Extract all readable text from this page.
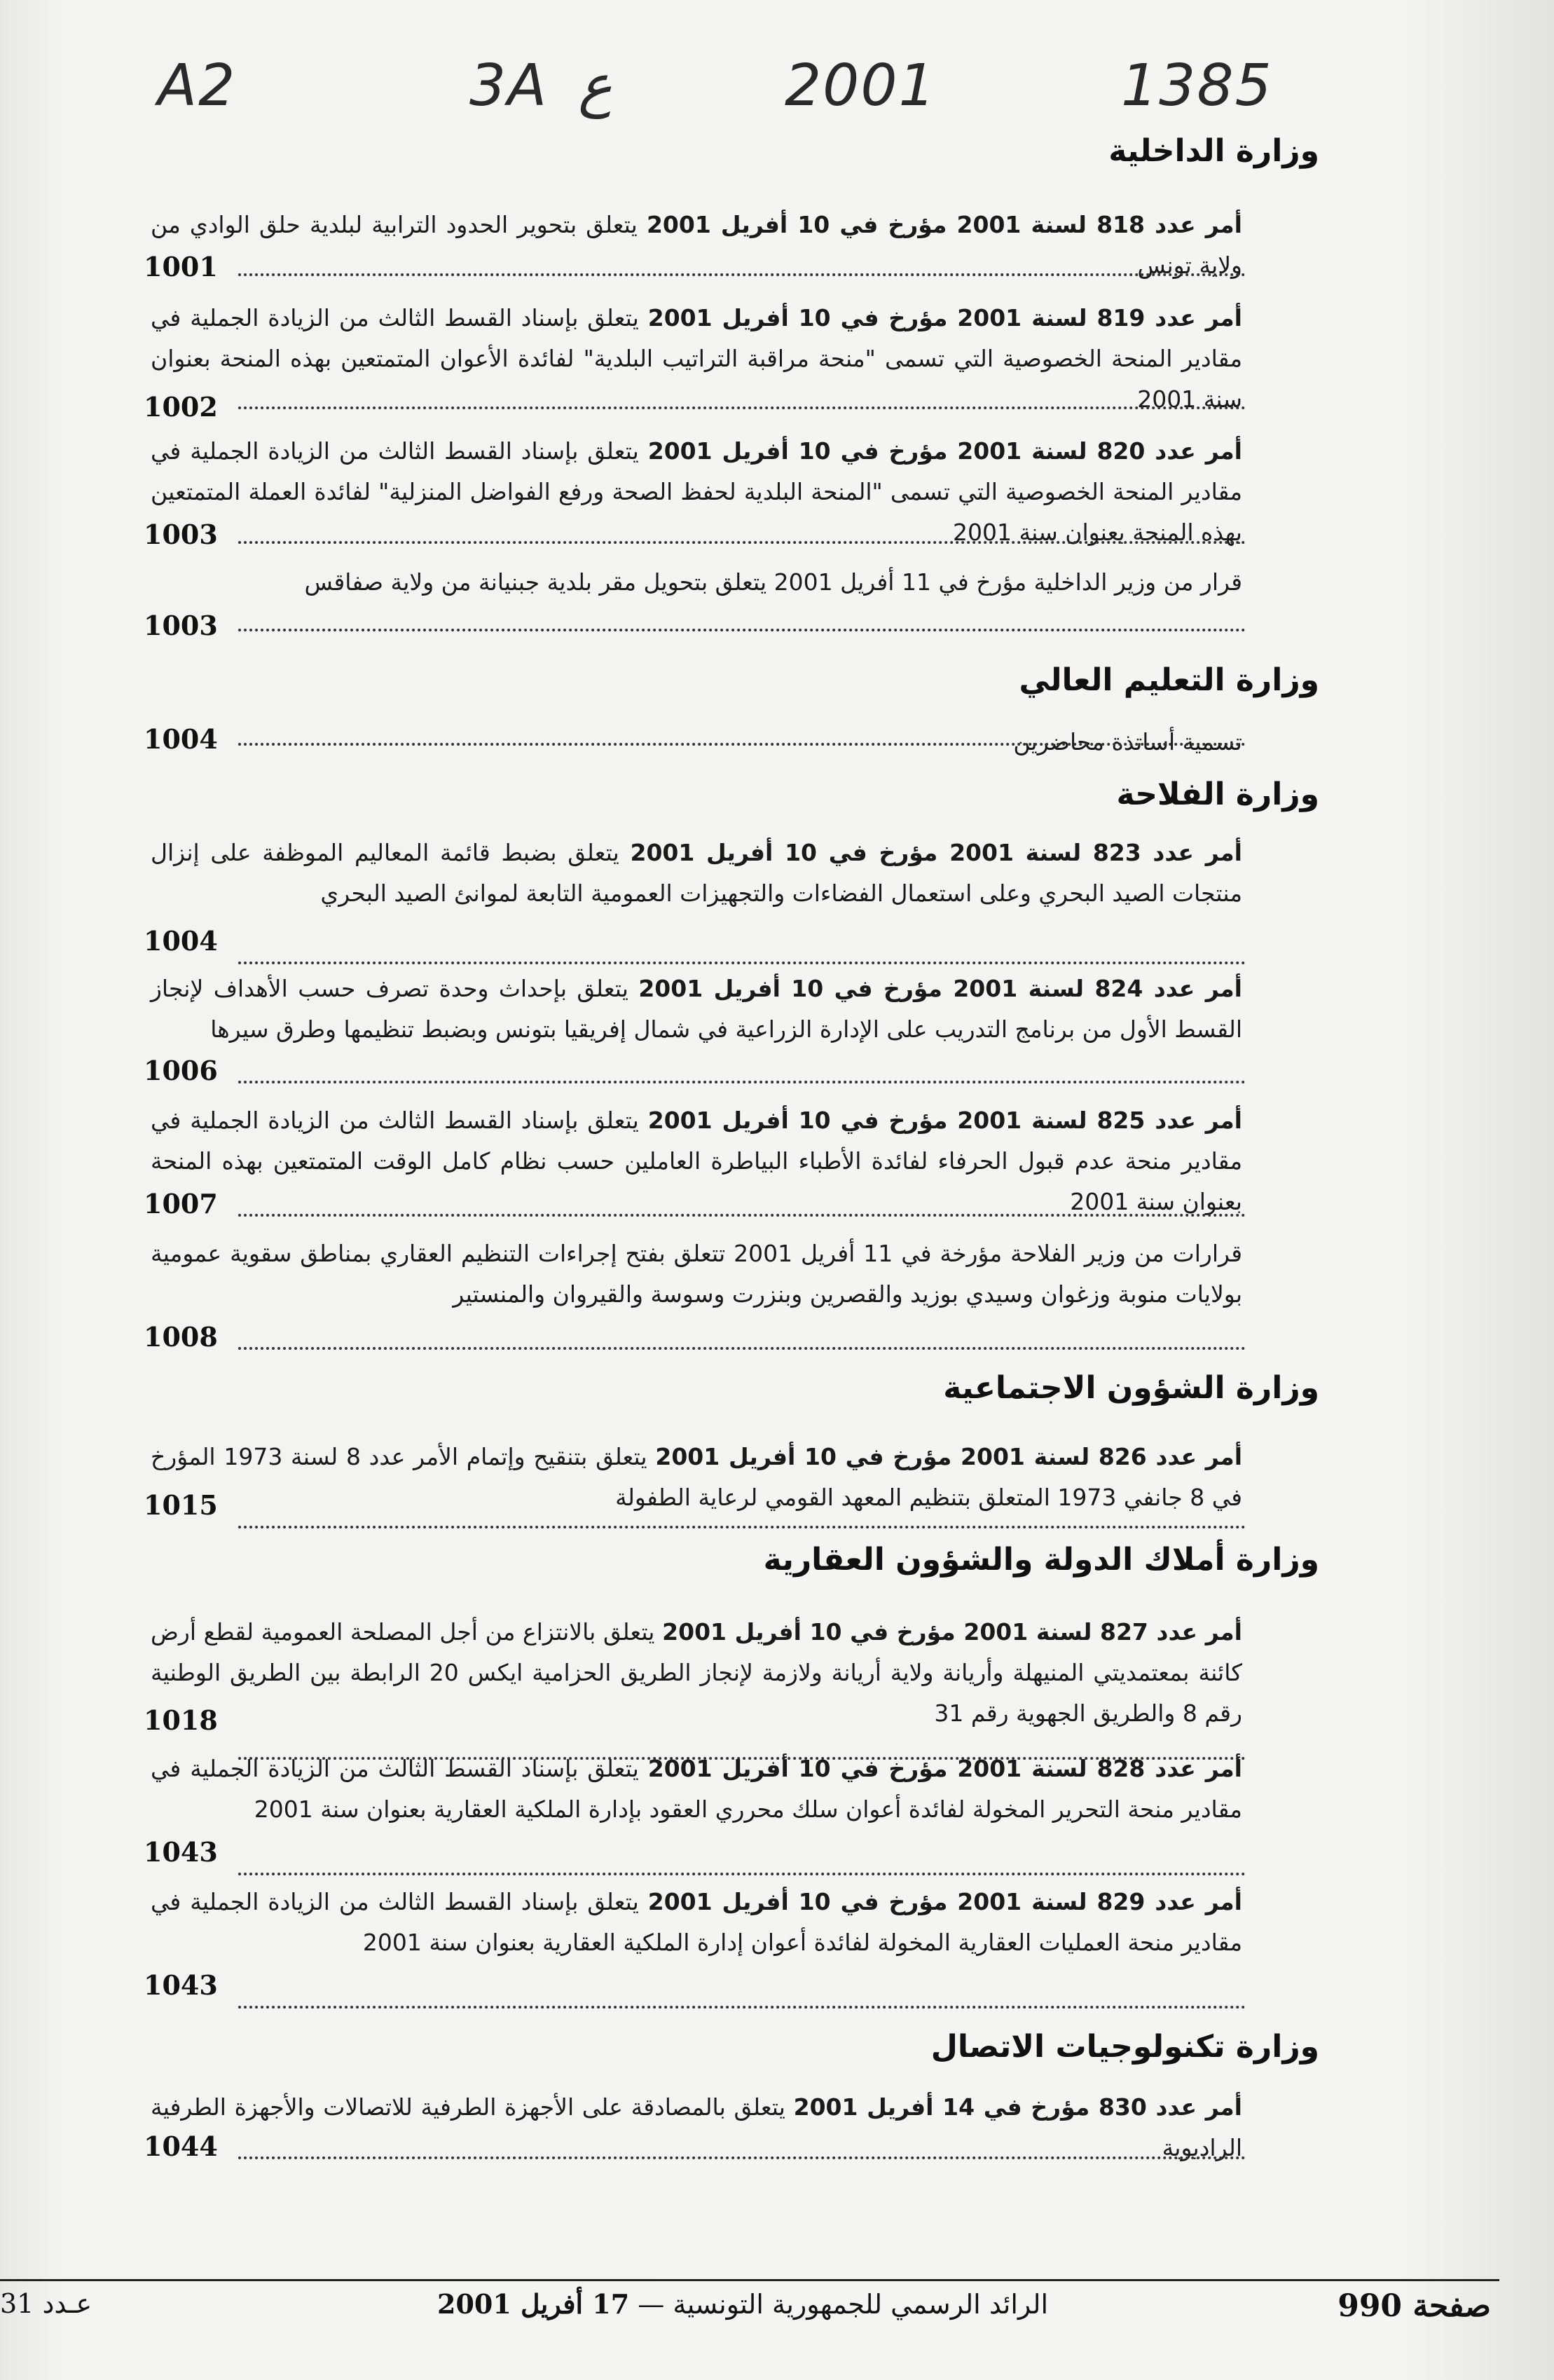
A2	3A ع	2001	1385
وزارة الداخلية
أمر عدد 818 لسنة 2001 مؤرخ في 10 أفريل 2001 يتعلق بتحوير الحدود الترابية لبلدية حلق الوادي من ولاية تونس
1001
أمر عدد 819 لسنة 2001 مؤرخ في 10 أفريل 2001 يتعلق بإسناد القسط الثالث من الزيادة الجملية في مقادير المنحة الخصوصية التي تسمى "منحة مراقبة التراتيب البلدية" لفائدة الأعوان المتمتعين بهذه المنحة بعنوان سنة 2001
1002
أمر عدد 820 لسنة 2001 مؤرخ في 10 أفريل 2001 يتعلق بإسناد القسط الثالث من الزيادة الجملية في مقادير المنحة الخصوصية التي تسمى "المنحة البلدية لحفظ الصحة ورفع الفواضل المنزلية" لفائدة العملة المتمتعين بهذه المنحة بعنوان سنة 2001
1003
قرار من وزير الداخلية مؤرخ في 11 أفريل 2001 يتعلق بتحويل مقر بلدية جبنيانة من ولاية صفاقس
1003
وزارة التعليم العالي
تسمية أساتذة محاضرين
1004
وزارة الفلاحة
أمر عدد 823 لسنة 2001 مؤرخ في 10 أفريل 2001 يتعلق بضبط قائمة المعاليم الموظفة على إنزال منتجات الصيد البحري وعلى استعمال الفضاءات والتجهيزات العمومية التابعة لموانئ الصيد البحري
1004
أمر عدد 824 لسنة 2001 مؤرخ في 10 أفريل 2001 يتعلق بإحداث وحدة تصرف حسب الأهداف لإنجاز القسط الأول من برنامج التدريب على الإدارة الزراعية في شمال إفريقيا بتونس وبضبط تنظيمها وطرق سيرها
1006
أمر عدد 825 لسنة 2001 مؤرخ في 10 أفريل 2001 يتعلق بإسناد القسط الثالث من الزيادة الجملية في مقادير منحة عدم قبول الحرفاء لفائدة الأطباء البياطرة العاملين حسب نظام كامل الوقت المتمتعين بهذه المنحة بعنوان سنة 2001
1007
قرارات من وزير الفلاحة مؤرخة في 11 أفريل 2001 تتعلق بفتح إجراءات التنظيم العقاري بمناطق سقوية عمومية بولايات منوبة وزغوان وسيدي بوزيد والقصرين وبنزرت وسوسة والقيروان والمنستير
1008
وزارة الشؤون الاجتماعية
أمر عدد 826 لسنة 2001 مؤرخ في 10 أفريل 2001 يتعلق بتنقيح وإتمام الأمر عدد 8 لسنة 1973 المؤرخ في 8 جانفي 1973 المتعلق بتنظيم المعهد القومي لرعاية الطفولة
1015
وزارة أملاك الدولة والشؤون العقارية
أمر عدد 827 لسنة 2001 مؤرخ في 10 أفريل 2001 يتعلق بالانتزاع من أجل المصلحة العمومية لقطع أرض كائنة بمعتمديتي المنيهلة وأريانة ولاية أريانة ولازمة لإنجاز الطريق الحزامية ايكس 20 الرابطة بين الطريق الوطنية رقم 8 والطريق الجهوية رقم 31
1018
أمر عدد 828 لسنة 2001 مؤرخ في 10 أفريل 2001 يتعلق بإسناد القسط الثالث من الزيادة الجملية في مقادير منحة التحرير المخولة لفائدة أعوان سلك محرري العقود بإدارة الملكية العقارية بعنوان سنة 2001
1043
أمر عدد 829 لسنة 2001 مؤرخ في 10 أفريل 2001 يتعلق بإسناد القسط الثالث من الزيادة الجملية في مقادير منحة العمليات العقارية المخولة لفائدة أعوان إدارة الملكية العقارية بعنوان سنة 2001
1043
وزارة تكنولوجيات الاتصال
أمر عدد 830 مؤرخ في 14 أفريل 2001 يتعلق بالمصادقة على الأجهزة الطرفية للاتصالات والأجهزة الطرفية الراديوية
1044
صفحة 990
الرائد الرسمي للجمهورية التونسية — 17 أفريل 2001
عـدد 31
